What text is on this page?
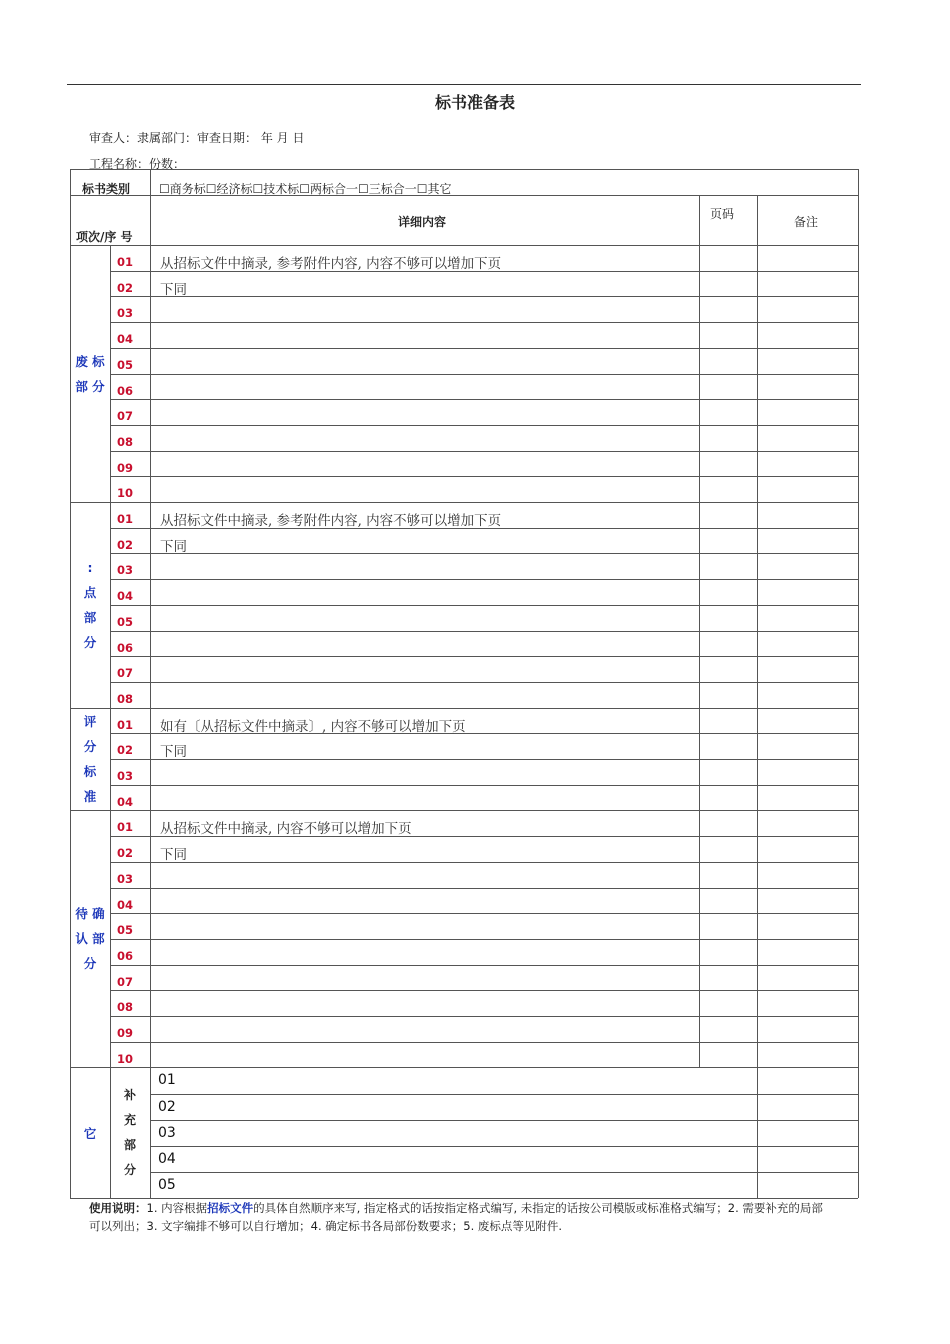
标书准备表
审查人：隶属部门：审查日期： 年 月 日
工程名称：份数：
标书类别 ☐商务标☐经济标☐技术标☐两标合一☐三标合一☐其它
项次/序 号
详细内容
页码
备注
废 标
部 分
01 从招标文件中摘录, 参考附件内容, 内容不够可以增加下页
02 下同
03
04
05
06
07
08
09
10
:
点
部
分
01 从招标文件中摘录, 参考附件内容, 内容不够可以增加下页
02 下同
03
04
05
06
07
08
评
分
标
准
01 如有〔从招标文件中摘录〕, 内容不够可以增加下页
02 下同
03
04
待 确
认 部
分
01 从招标文件中摘录, 内容不够可以增加下页
02 下同
03
04
05
06
07
08
09
10
它
补
充
部
分
01
02
03
04
05
使用说明：1. 内容根据招标文件的具体自然顺序来写, 指定格式的话按指定格式编写, 未指定的话按公司模版或标准格式编写；2. 需要补充的局部可以列出；3. 文字编排不够可以自行增加；4. 确定标书各局部份数要求；5. 废标点等见附件.
